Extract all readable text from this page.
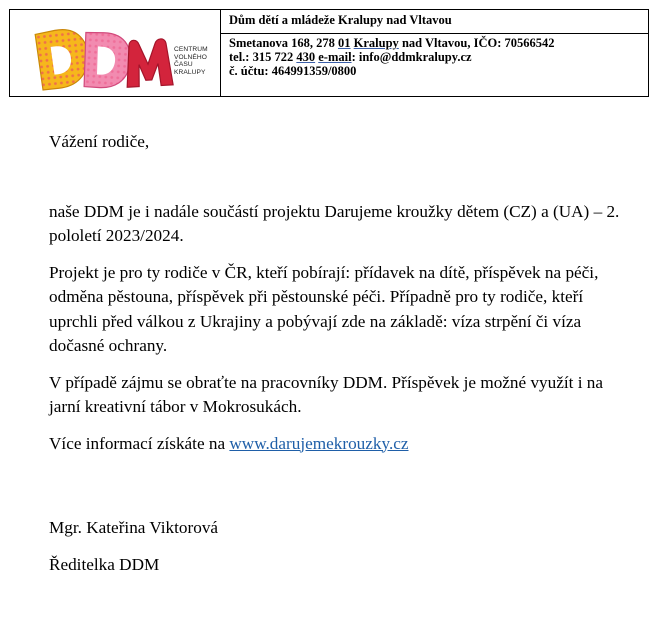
CENTRUM
VOLNÉHO
ČASU
KRALUPY
Dům dětí a mládeže Kralupy nad Vltavou
Smetanova 168, 278 01 Kralupy nad Vltavou, IČO: 70566542
tel.: 315 722 430 e-mail: info@ddmkralupy.cz
č. účtu: 464991359/0800

Vážení rodiče,

naše DDM je i nadále součástí projektu Darujeme kroužky dětem (CZ) a (UA) – 2. pololetí 2023/2024.

Projekt je pro ty rodiče v ČR, kteří pobírají: přídavek na dítě, příspěvek na péči, odměna pěstouna, příspěvek při pěstounské péči. Případně pro ty rodiče, kteří uprchli před válkou z Ukrajiny a pobývají zde na základě: víza strpění či víza dočasné ochrany.

V případě zájmu se obraťte na pracovníky DDM. Příspěvek je možné využít i na jarní kreativní tábor v Mokrosukách.

Více informací získáte na www.darujemekrouzky.cz

Mgr. Kateřina Viktorová

Ředitelka DDM
